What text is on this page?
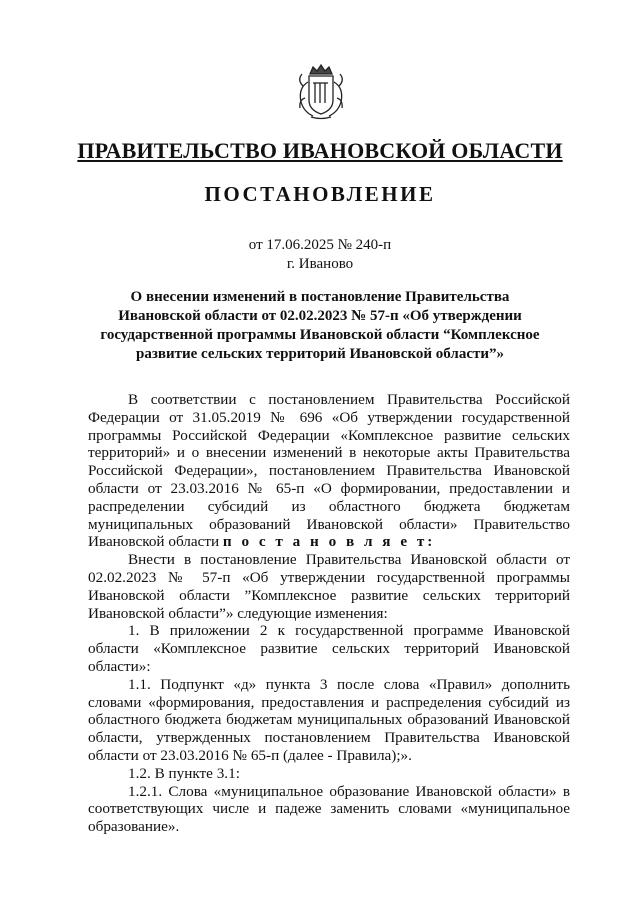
ПРАВИТЕЛЬСТВО ИВАНОВСКОЙ ОБЛАСТИ
ПОСТАНОВЛЕНИЕ
от 17.06.2025 № 240-п
г. Иваново
О внесении изменений в постановление Правительства Ивановской области от 02.02.2023 № 57-п «Об утверждении государственной программы Ивановской области “Комплексное развитие сельских территорий Ивановской области”»

В соответствии с постановлением Правительства Российской Федерации от 31.05.2019 № 696 «Об утверждении государственной программы Российской Федерации «Комплексное развитие сельских территорий» и о внесении изменений в некоторые акты Правительства Российской Федерации», постановлением Правительства Ивановской области от 23.03.2016 № 65-п «О формировании, предоставлении и распределении субсидий из областного бюджета бюджетам муниципальных образований Ивановской области» Правительство Ивановской области п о с т а н о в л я е т:

Внести в постановление Правительства Ивановской области от 02.02.2023 № 57-п «Об утверждении государственной программы Ивановской области ”Комплексное развитие сельских территорий Ивановской области”» следующие изменения:

1. В приложении 2 к государственной программе Ивановской области «Комплексное развитие сельских территорий Ивановской области»:

1.1. Подпункт «д» пункта 3 после слова «Правил» дополнить словами «формирования, предоставления и распределения субсидий из областного бюджета бюджетам муниципальных образований Ивановской области, утвержденных постановлением Правительства Ивановской области от 23.03.2016 № 65-п (далее - Правила);».

1.2. В пункте 3.1:

1.2.1. Слова «муниципальное образование Ивановской области» в соответствующих числе и падеже заменить словами «муниципальное образование».
